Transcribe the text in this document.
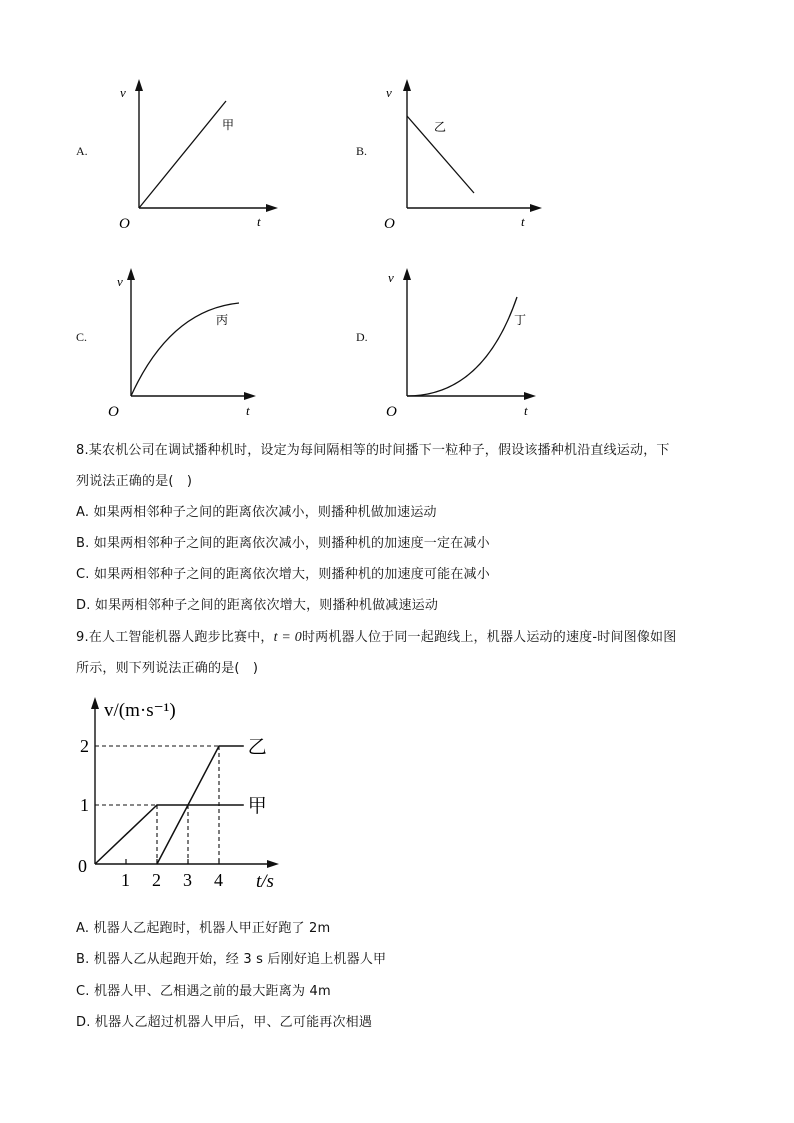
A.
v
t
O
甲
B.
v
t
O
乙
C.
v
t
O
丙
D.
v
t
O
丁
8.某农机公司在调试播种机时，设定为每间隔相等的时间播下一粒种子，假设该播种机沿直线运动，下
列说法正确的是(　)
A. 如果两相邻种子之间的距离依次减小，则播种机做加速运动
B. 如果两相邻种子之间的距离依次减小，则播种机的加速度一定在减小
C. 如果两相邻种子之间的距离依次增大，则播种机的加速度可能在减小
D. 如果两相邻种子之间的距离依次增大，则播种机做减速运动
9.在人工智能机器人跑步比赛中，t = 0时两机器人位于同一起跑线上，机器人运动的速度-时间图像如图
所示，则下列说法正确的是(　)
1 2 3 4
1
2
甲
乙
v/(m·s⁻¹)
t/s
0
A. 机器人乙起跑时，机器人甲正好跑了 2m
B. 机器人乙从起跑开始，经 3 s 后刚好追上机器人甲
C. 机器人甲、乙相遇之前的最大距离为 4m
D. 机器人乙超过机器人甲后，甲、乙可能再次相遇
